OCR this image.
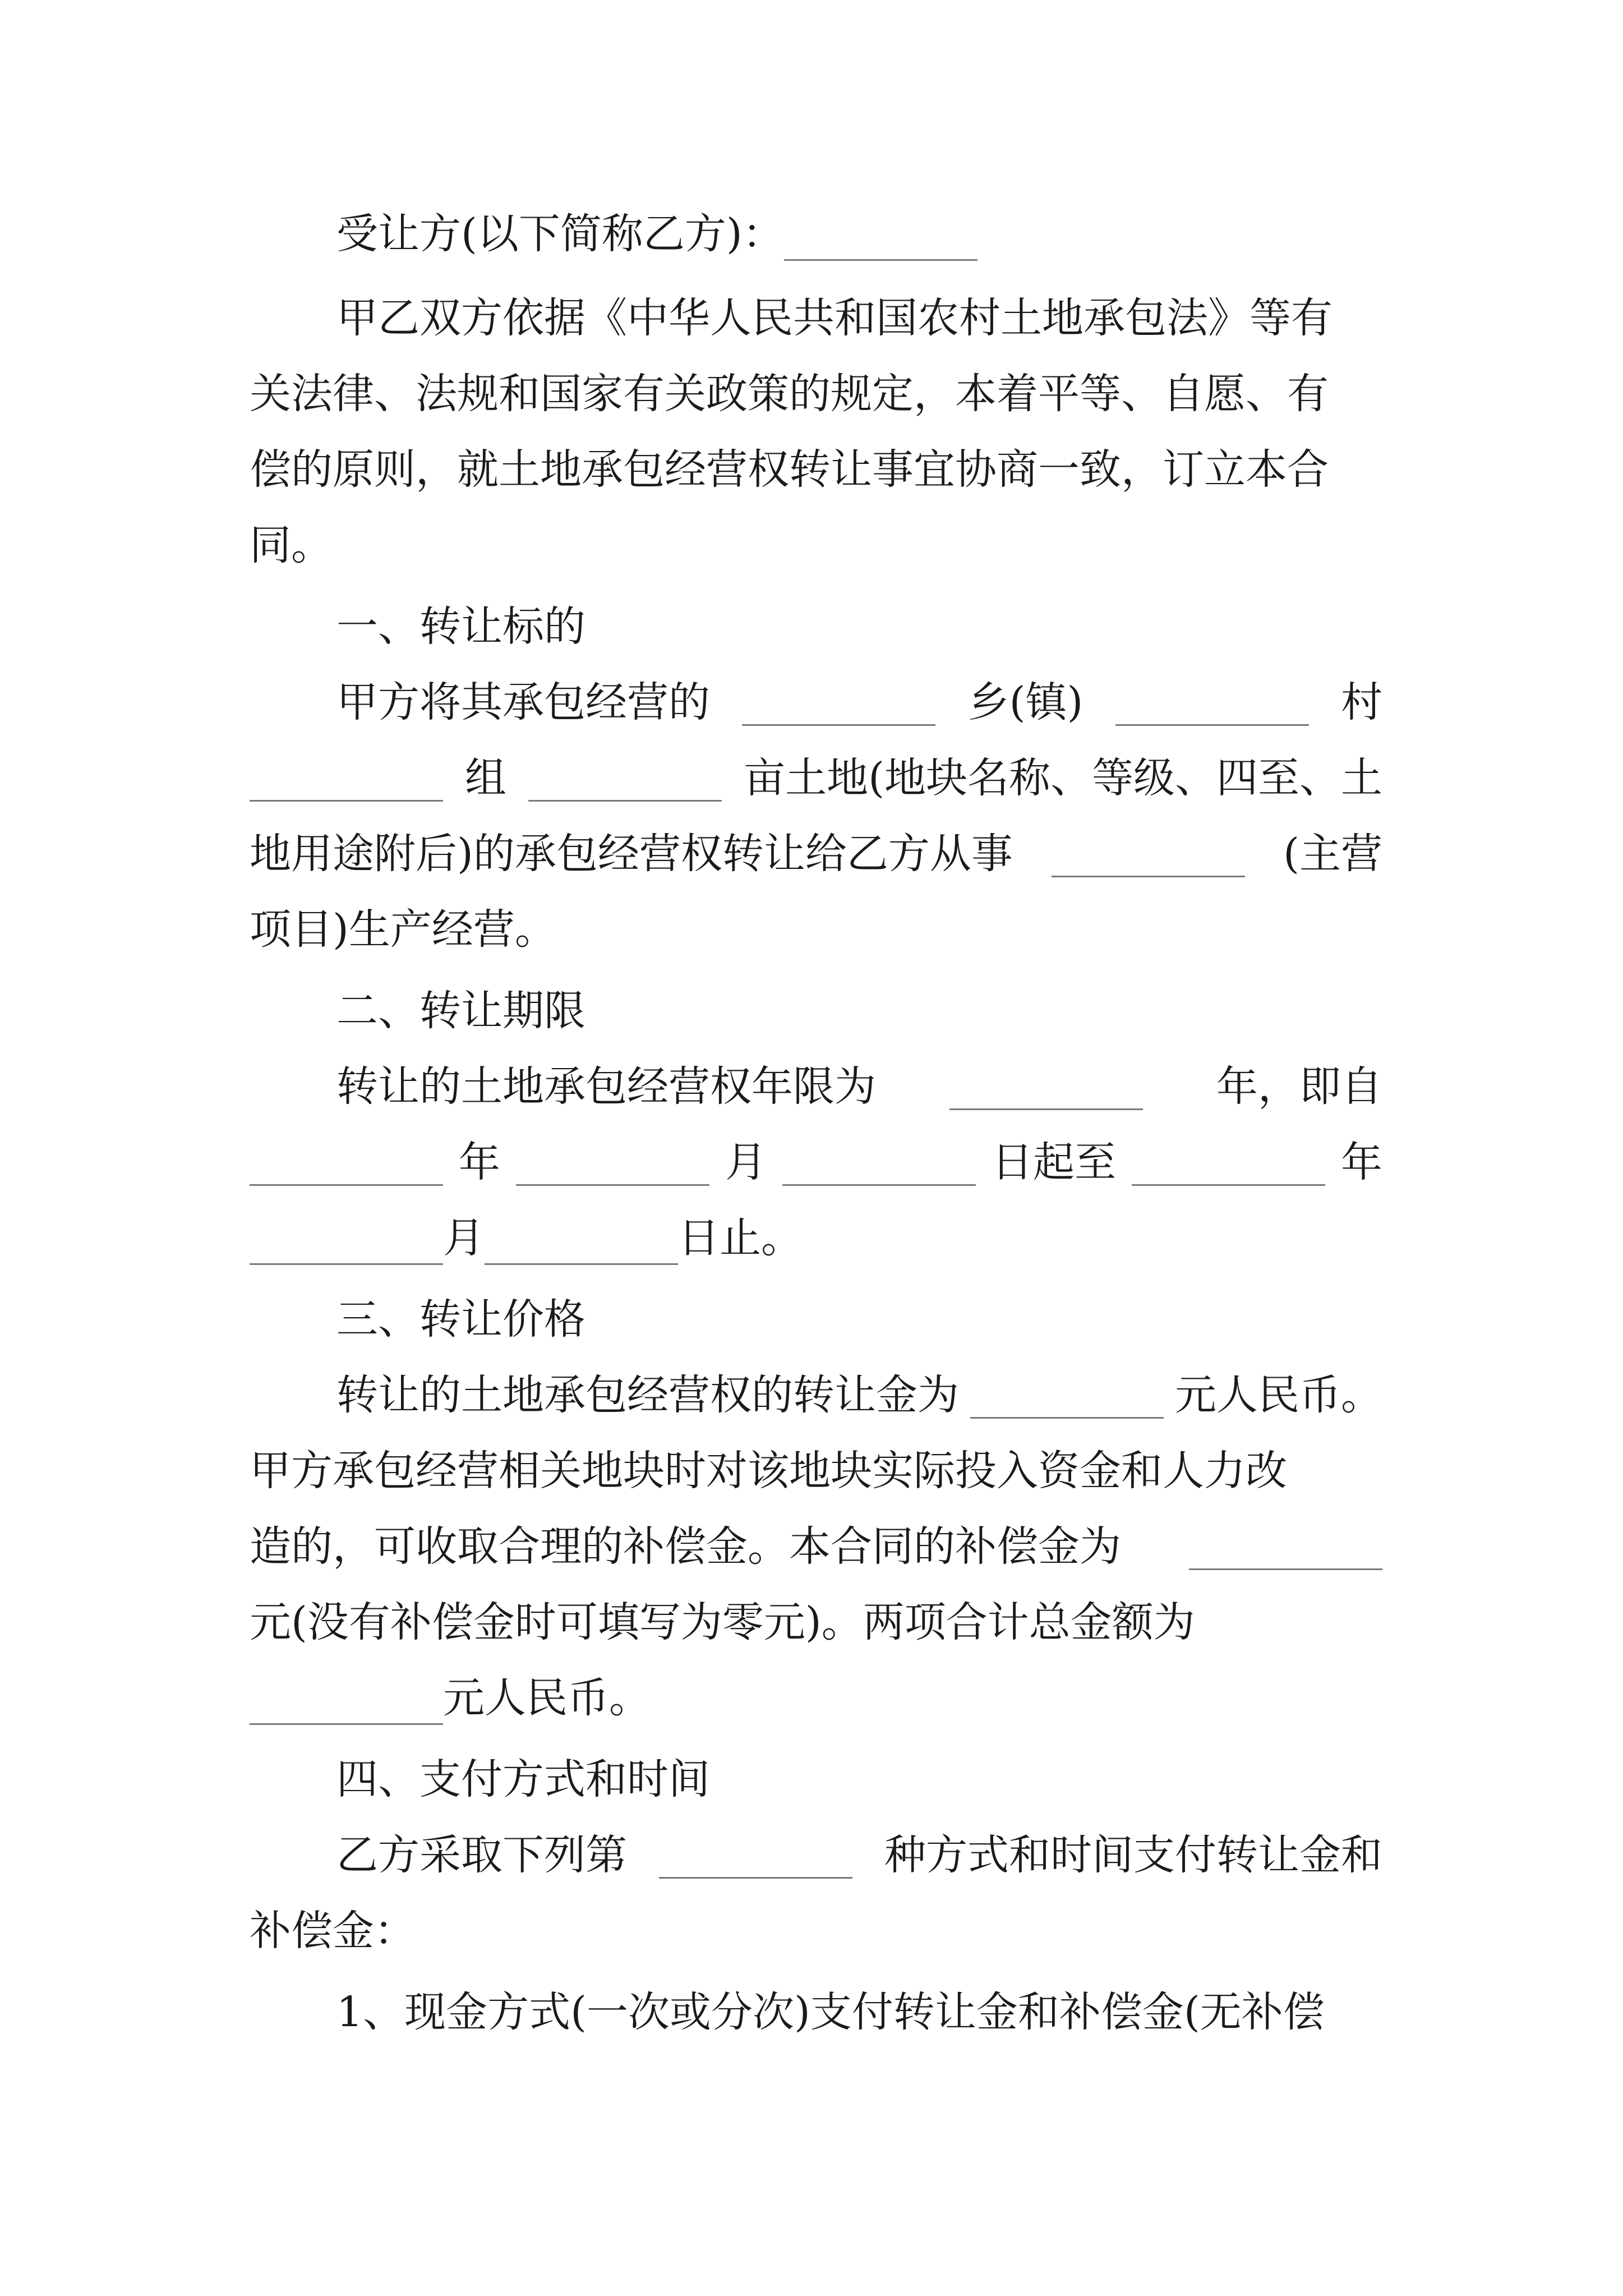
受让方(以下简称乙方)：
甲乙双方依据《中华人民共和国农村土地承包法》等有
关法律、法规和国家有关政策的规定，本着平等、自愿、有
偿的原则，就土地承包经营权转让事宜协商一致，订立本合
同。
一、转让标的
甲方将其承包经营的	乡(镇)	村
组	亩土地(地块名称、等级、四至、土
地用途附后)的承包经营权转让给乙方从事	(主营
项目)生产经营。
二、转让期限
转让的土地承包经营权年限为	年，即自
年	月	日起至	年
月	日止。
三、转让价格
转让的土地承包经营权的转让金为	元人民币。
甲方承包经营相关地块时对该地块实际投入资金和人力改
造的，可收取合理的补偿金。本合同的补偿金为
元(没有补偿金时可填写为零元)。两项合计总金额为
元人民币。
四、支付方式和时间
乙方采取下列第	种方式和时间支付转让金和
补偿金：
1、现金方式(一次或分次)支付转让金和补偿金(无补偿
